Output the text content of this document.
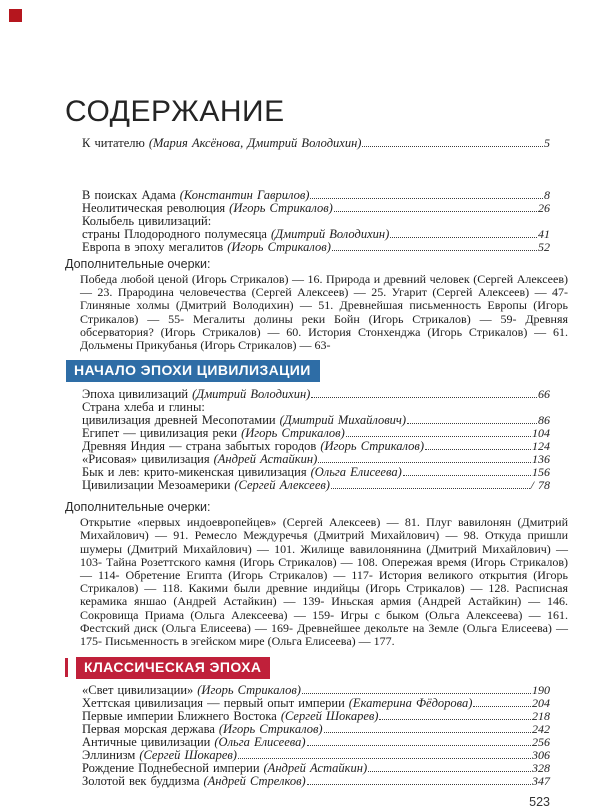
СОДЕРЖАНИЕ
К читателю (Мария Аксёнова, Дмитрий Володихин)	5
В поисках Адама (Константин Гаврилов)	8
Неолитическая революция (Игорь Стрикалов)	26
Колыбель цивилизаций:
страны Плодородного полумесяца (Дмитрий Володихин)	41
Европа в эпоху мегалитов (Игорь Стрикалов)	52
Дополнительные очерки:

Победа любой ценой (Игорь Стрикалов) — 16. Природа и древний человек (Сергей Алексеев) — 23. Прародина человечества (Сергей Алексеев) — 25. Угарит (Сергей Алексеев) — 47- Глиняные холмы (Дмитрий Володихин) — 51. Древнейшая письменность Европы (Игорь Стрикалов) — 55- Мегалиты долины реки Бойн (Игорь Стрикалов) — 59- Древняя обсерватория? (Игорь Стрикалов) — 60. История Стонхенджа (Игорь Стрикалов) — 61. Дольмены Прикубанья (Игорь Стрикалов) — 63-

НАЧАЛО ЭПОХИ ЦИВИЛИЗАЦИИ
Эпоха цивилизаций (Дмитрий Володихин)	66
Страна хлеба и глины:
цивилизация древней Месопотамии (Дмитрий Михайлович)	86
Египет — цивилизация реки (Игорь Стрикалов)	104
Древняя Индия — страна забытых городов (Игорь Стрикалов)	124
«Рисовая» цивилизация (Андрей Астайкин)	136
Бык и лев: крито-микенская цивилизация (Ольга Елисеева)	156
Цивилизации Мезоамерики (Сергей Алексеев)	/ 78
Дополнительные очерки:

Открытие «первых индоевропейцев» (Сергей Алексеев) — 81. Плуг вавилонян (Дмитрий Михайлович) — 91. Ремесло Междуречья (Дмитрий Михайлович) — 98. Откуда пришли шумеры (Дмитрий Михайлович) — 101. Жилище вавилонянина (Дмитрий Михайлович) — 103- Тайна Розеттского камня (Игорь Стрикалов) — 108. Опережая время (Игорь Стрикалов) — 114- Обретение Египта (Игорь Стрикалов) — 117- История великого открытия (Игорь Стрикалов) — 118. Какими были древние индийцы (Игорь Стрикалов) — 128. Расписная керамика яншао (Андрей Астайкин) — 139- Иньская армия (Андрей Астайкин) — 146. Сокровища Приама (Ольга Алексеева) — 159- Игры с быком (Ольга Алексеева) — 161. Фестский диск (Ольга Елисеева) — 169- Древнейшее декольте на Земле (Ольга Елисеева) — 175- Письменность в эгейском мире (Ольга Елисеева) — 177.

КЛАССИЧЕСКАЯ ЭПОХА
«Свет цивилизации» (Игорь Стрикалов)	190
Хеттская цивилизация — первый опыт империи (Екатерина Фёдорова)	204
Первые империи Ближнего Востока (Сергей Шокарев)	218
Первая морская держава (Игорь Стрикалов)	242
Античные цивилизации (Ольга Елисеева)	256
Эллинизм (Сергей Шокарев)	306
Рождение Поднебесной империи (Андрей Астайкин)	328
Золотой век буддизма (Андрей Стрелков)	347
523
